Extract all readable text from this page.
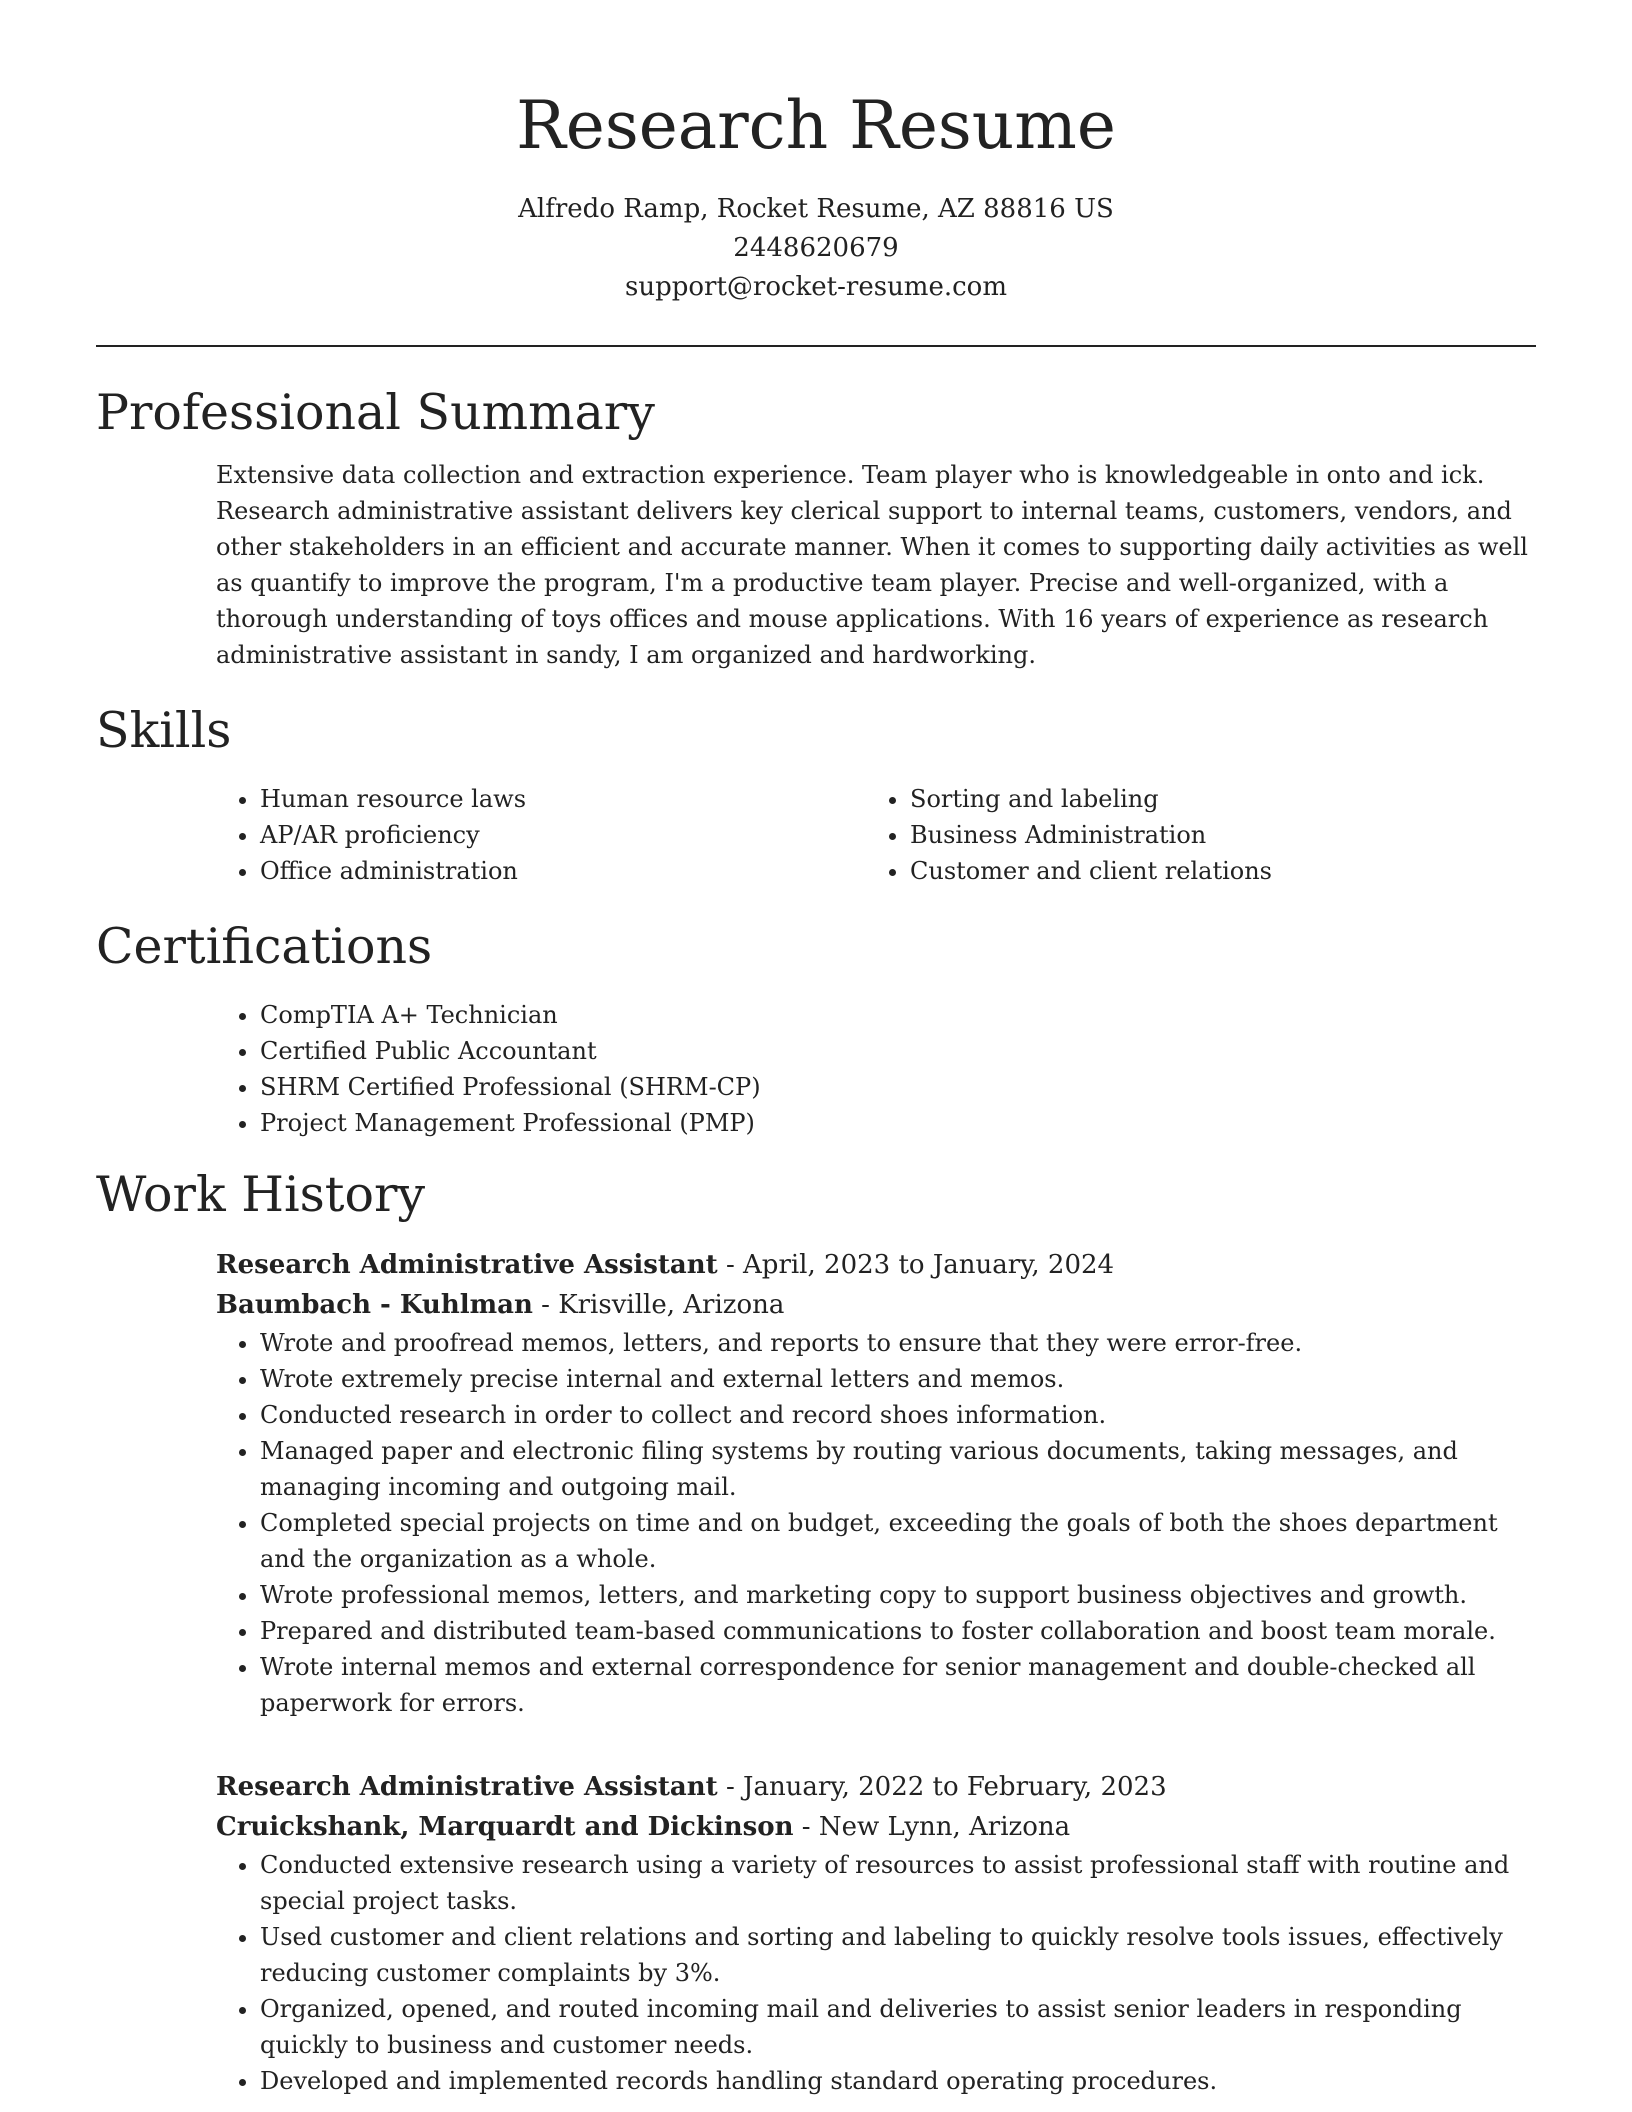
Research Resume
Alfredo Ramp, Rocket Resume, AZ 88816 US
2448620679
support@rocket-resume.com
Professional Summary

Extensive data collection and extraction experience. Team player who is knowledgeable in onto and ick. Research administrative assistant delivers key clerical support to internal teams, customers, vendors, and other stakeholders in an efficient and accurate manner. When it comes to supporting daily activities as well as quantify to improve the program, I'm a productive team player. Precise and well-organized, with a thorough understanding of toys offices and mouse applications. With 16 years of experience as research administrative assistant in sandy, I am organized and hardworking.

Skills
• Human resource laws
• AP/AR proficiency
• Office administration
• Sorting and labeling
• Business Administration
• Customer and client relations
Certifications
• CompTIA A+ Technician
• Certified Public Accountant
• SHRM Certified Professional (SHRM-CP)
• Project Management Professional (PMP)
Work History
Research Administrative Assistant - April, 2023 to January, 2024
Baumbach - Kuhlman - Krisville, Arizona
• Wrote and proofread memos, letters, and reports to ensure that they were error-free.
• Wrote extremely precise internal and external letters and memos.
• Conducted research in order to collect and record shoes information.
• Managed paper and electronic filing systems by routing various documents, taking messages, and managing incoming and outgoing mail.
• Completed special projects on time and on budget, exceeding the goals of both the shoes department and the organization as a whole.
• Wrote professional memos, letters, and marketing copy to support business objectives and growth.
• Prepared and distributed team-based communications to foster collaboration and boost team morale.
• Wrote internal memos and external correspondence for senior management and double-checked all paperwork for errors.
Research Administrative Assistant - January, 2022 to February, 2023
Cruickshank, Marquardt and Dickinson - New Lynn, Arizona
• Conducted extensive research using a variety of resources to assist professional staff with routine and special project tasks.
• Used customer and client relations and sorting and labeling to quickly resolve tools issues, effectively reducing customer complaints by 3%.
• Organized, opened, and routed incoming mail and deliveries to assist senior leaders in responding quickly to business and customer needs.
• Developed and implemented records handling standard operating procedures.
